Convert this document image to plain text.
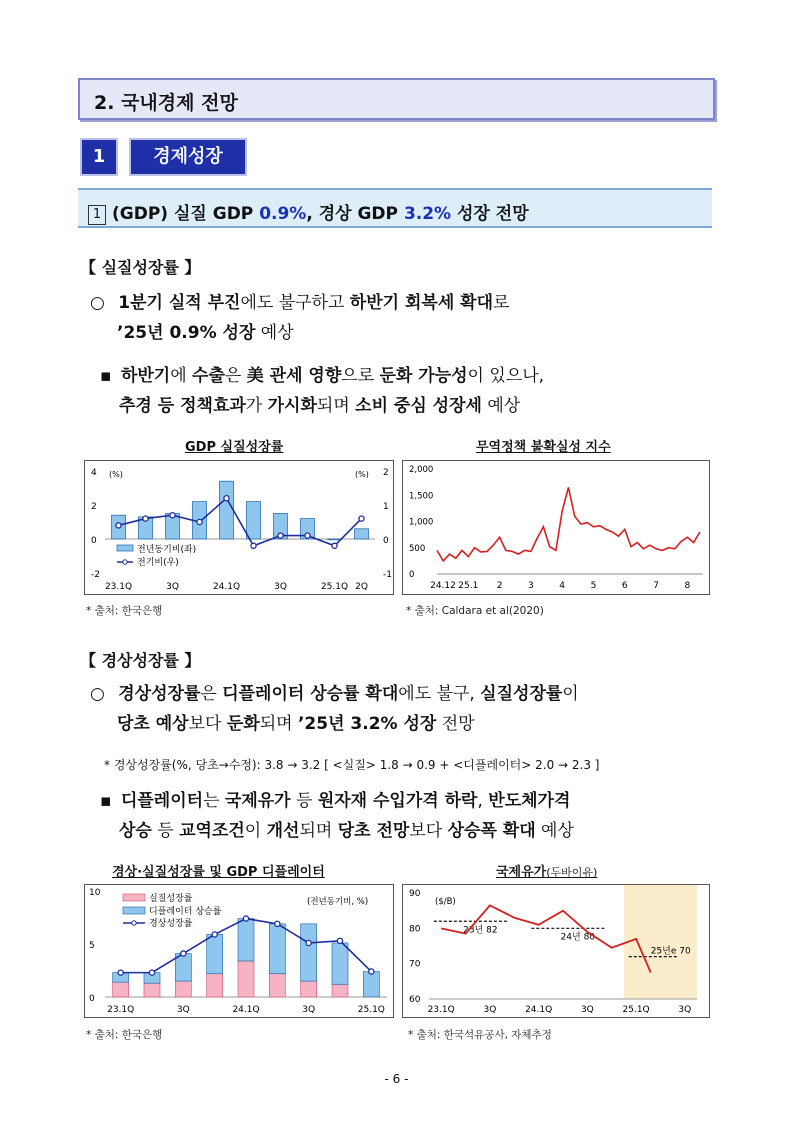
2. 국내경제 전망
1	경제성장
1 (GDP) 실질 GDP 0.9%, 경상 GDP 3.2% 성장 전망
【 실질성장률 】
○ 1분기 실적 부진에도 불구하고 하반기 회복세 확대로
’25년 0.9% 성장 예상
▪ 하반기에 수출은 美 관세 영향으로 둔화 가능성이 있으나,
추경 등 정책효과가 가시화되며 소비 중심 성장세 예상
GDP 실질성장률
4
2
0
-2
2
1
0
-1
(%)	(%)
23.1Q	3Q	24.1Q	3Q	25.1Q 2Q
전년동기비(좌)
전기비(우)
* 출처: 한국은행
무역정책 불확실성 지수
2,000
1,500
1,000
500
0
24.12 25.1 2	3	4	5	6	7	8
* 출처: Caldara et al(2020)
【 경상성장률 】
○ 경상성장률은 디플레이터 상승률 확대에도 불구, 실질성장률이
당초 예상보다 둔화되며 ’25년 3.2% 성장 전망
* 경상성장률(%, 당초→수정): 3.8 → 3.2 [ <실질> 1.8 → 0.9 + <디플레이터> 2.0 → 2.3 ]
▪ 디플레이터는 국제유가 등 원자재 수입가격 하락, 반도체가격
상승 등 교역조건이 개선되며 당초 전망보다 상승폭 확대 예상
경상·실질성장률 및 GDP 디플레이터
10
5
0
23.1Q	3Q	24.1Q	3Q	25.1Q
(전년동기비, %)
실질성장률
디플레이터 상승률
경상성장률
* 출처: 한국은행
국제유가(두바이유)
90
80
70
60
($/B)
23년 82
24년 80
25년e 70
23.1Q	3Q	24.1Q	3Q	25.1Q	3Q
* 출처: 한국석유공사, 자체추정
- 6 -
